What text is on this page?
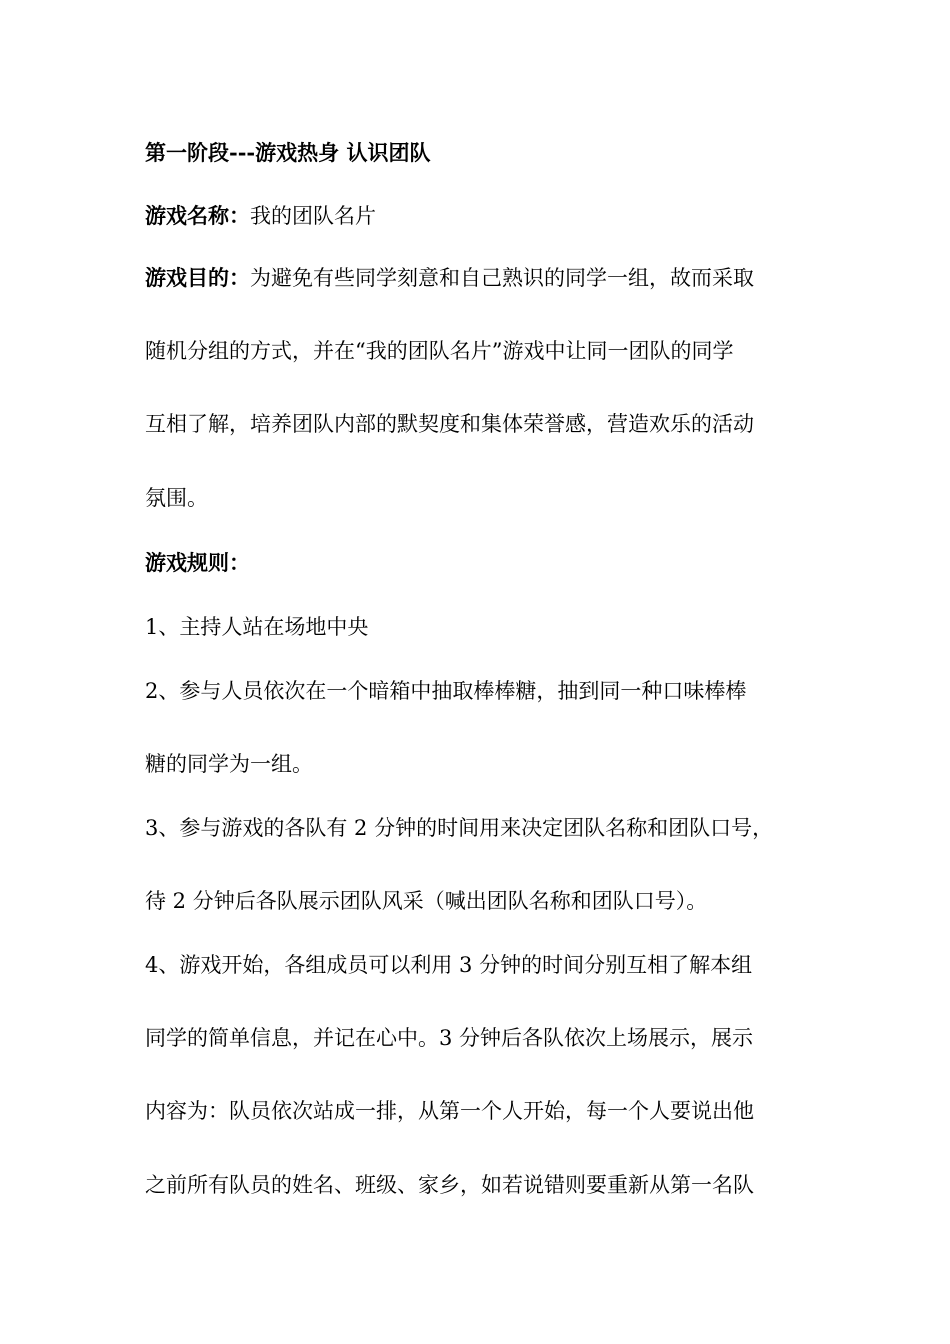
第一阶段---游戏热身 认识团队
游戏名称：我的团队名片
游戏目的：为避免有些同学刻意和自己熟识的同学一组，故而采取
随机分组的方式，并在“我的团队名片”游戏中让同一团队的同学
互相了解，培养团队内部的默契度和集体荣誉感，营造欢乐的活动
氛围。
游戏规则：
1、主持人站在场地中央
2、参与人员依次在一个暗箱中抽取棒棒糖，抽到同一种口味棒棒
糖的同学为一组。
3、参与游戏的各队有 2 分钟的时间用来决定团队名称和团队口号，
待 2 分钟后各队展示团队风采（喊出团队名称和团队口号）。
4、游戏开始，各组成员可以利用 3 分钟的时间分别互相了解本组
同学的简单信息，并记在心中。3 分钟后各队依次上场展示，展示
内容为：队员依次站成一排，从第一个人开始，每一个人要说出他
之前所有队员的姓名、班级、家乡，如若说错则要重新从第一名队
